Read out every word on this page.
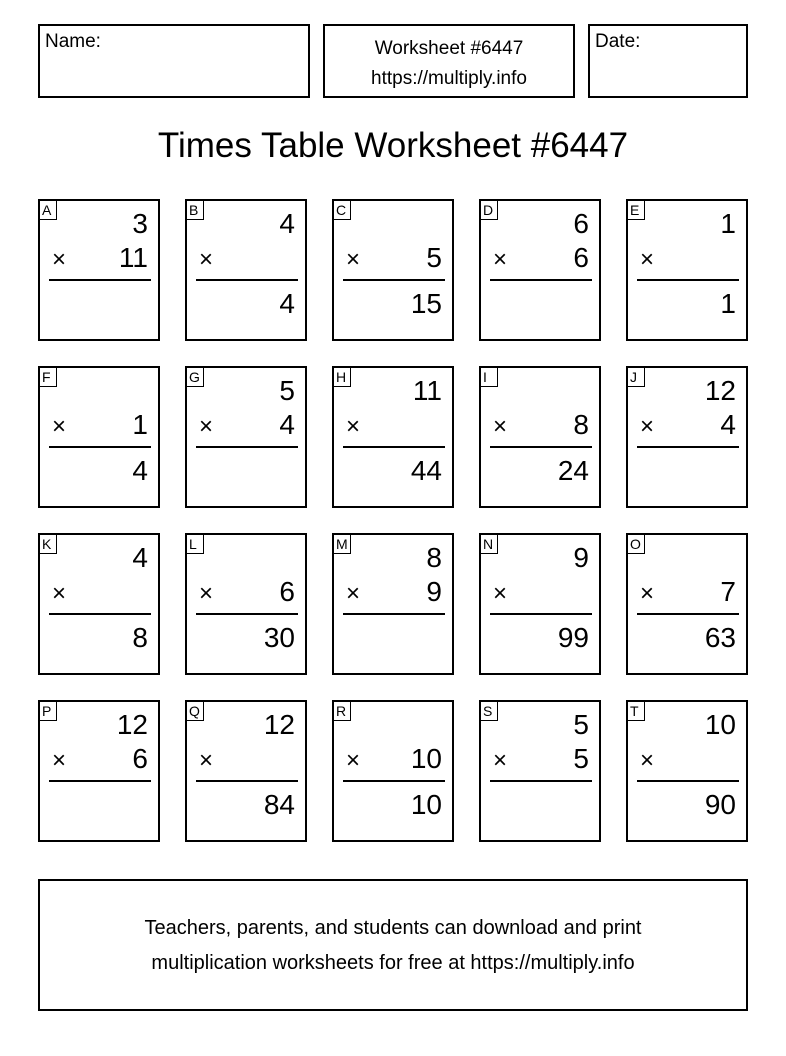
Name:	Worksheet #6447
https://multiply.info
Date:
Times Table Worksheet #6447
A	3
× 11
B	4
×
4
C
× 5
15
D	6
× 6
E	1
×
1
F
× 1
4
G	5
× 4
H 11
×
44
I
× 8
24
J 12
× 4
K	4
×
8
L
× 6
30
M	8
× 9
N	9
×
99
O
× 7
63
P 12
× 6
Q 12
×
84
R
× 10
10
S	5
× 5
T 10
×
90
Teachers, parents, and students can download and print
multiplication worksheets for free at https://multiply.info
